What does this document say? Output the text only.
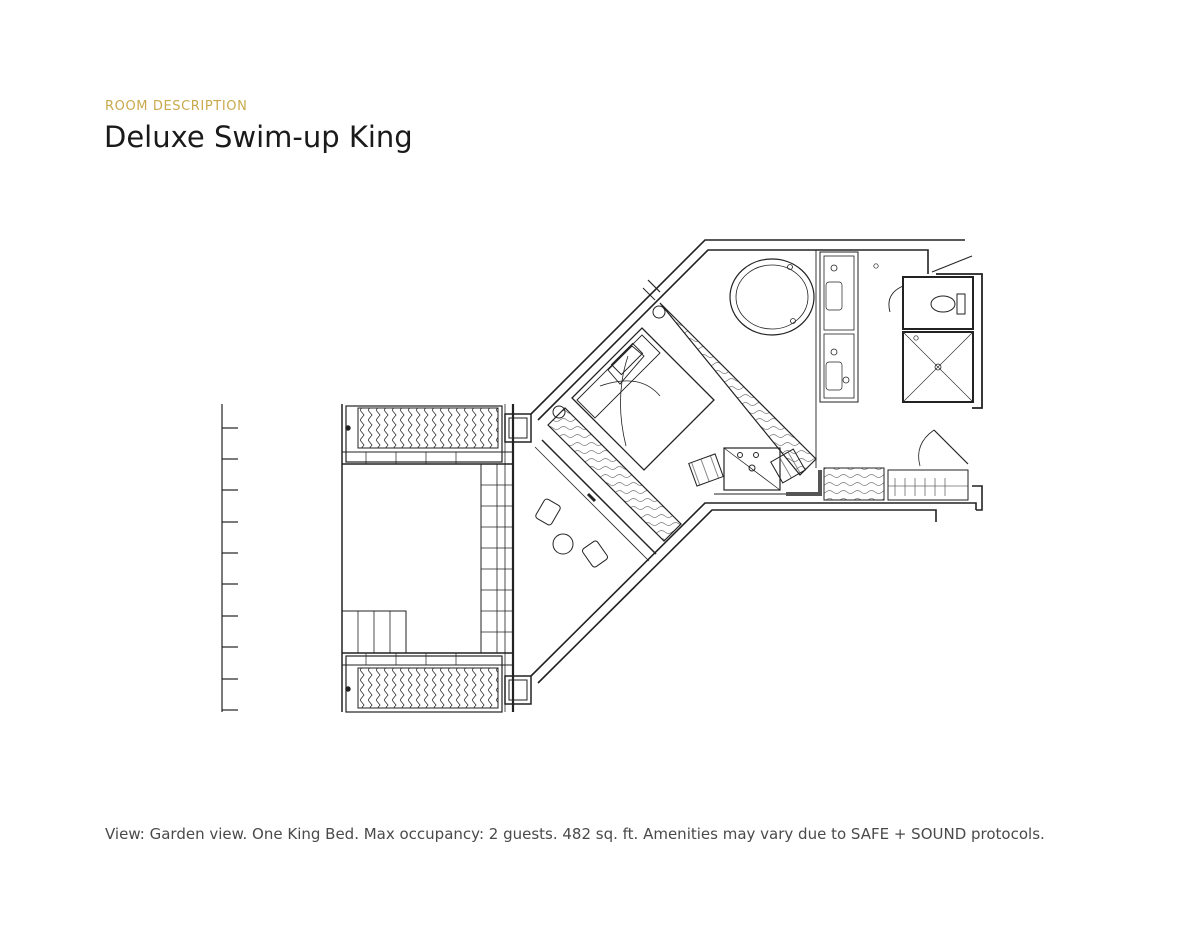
ROOM DESCRIPTION
Deluxe Swim-up King
View: Garden view. One King Bed. Max occupancy: 2 guests. 482 sq. ft. Amenities may vary due to SAFE + SOUND protocols.
